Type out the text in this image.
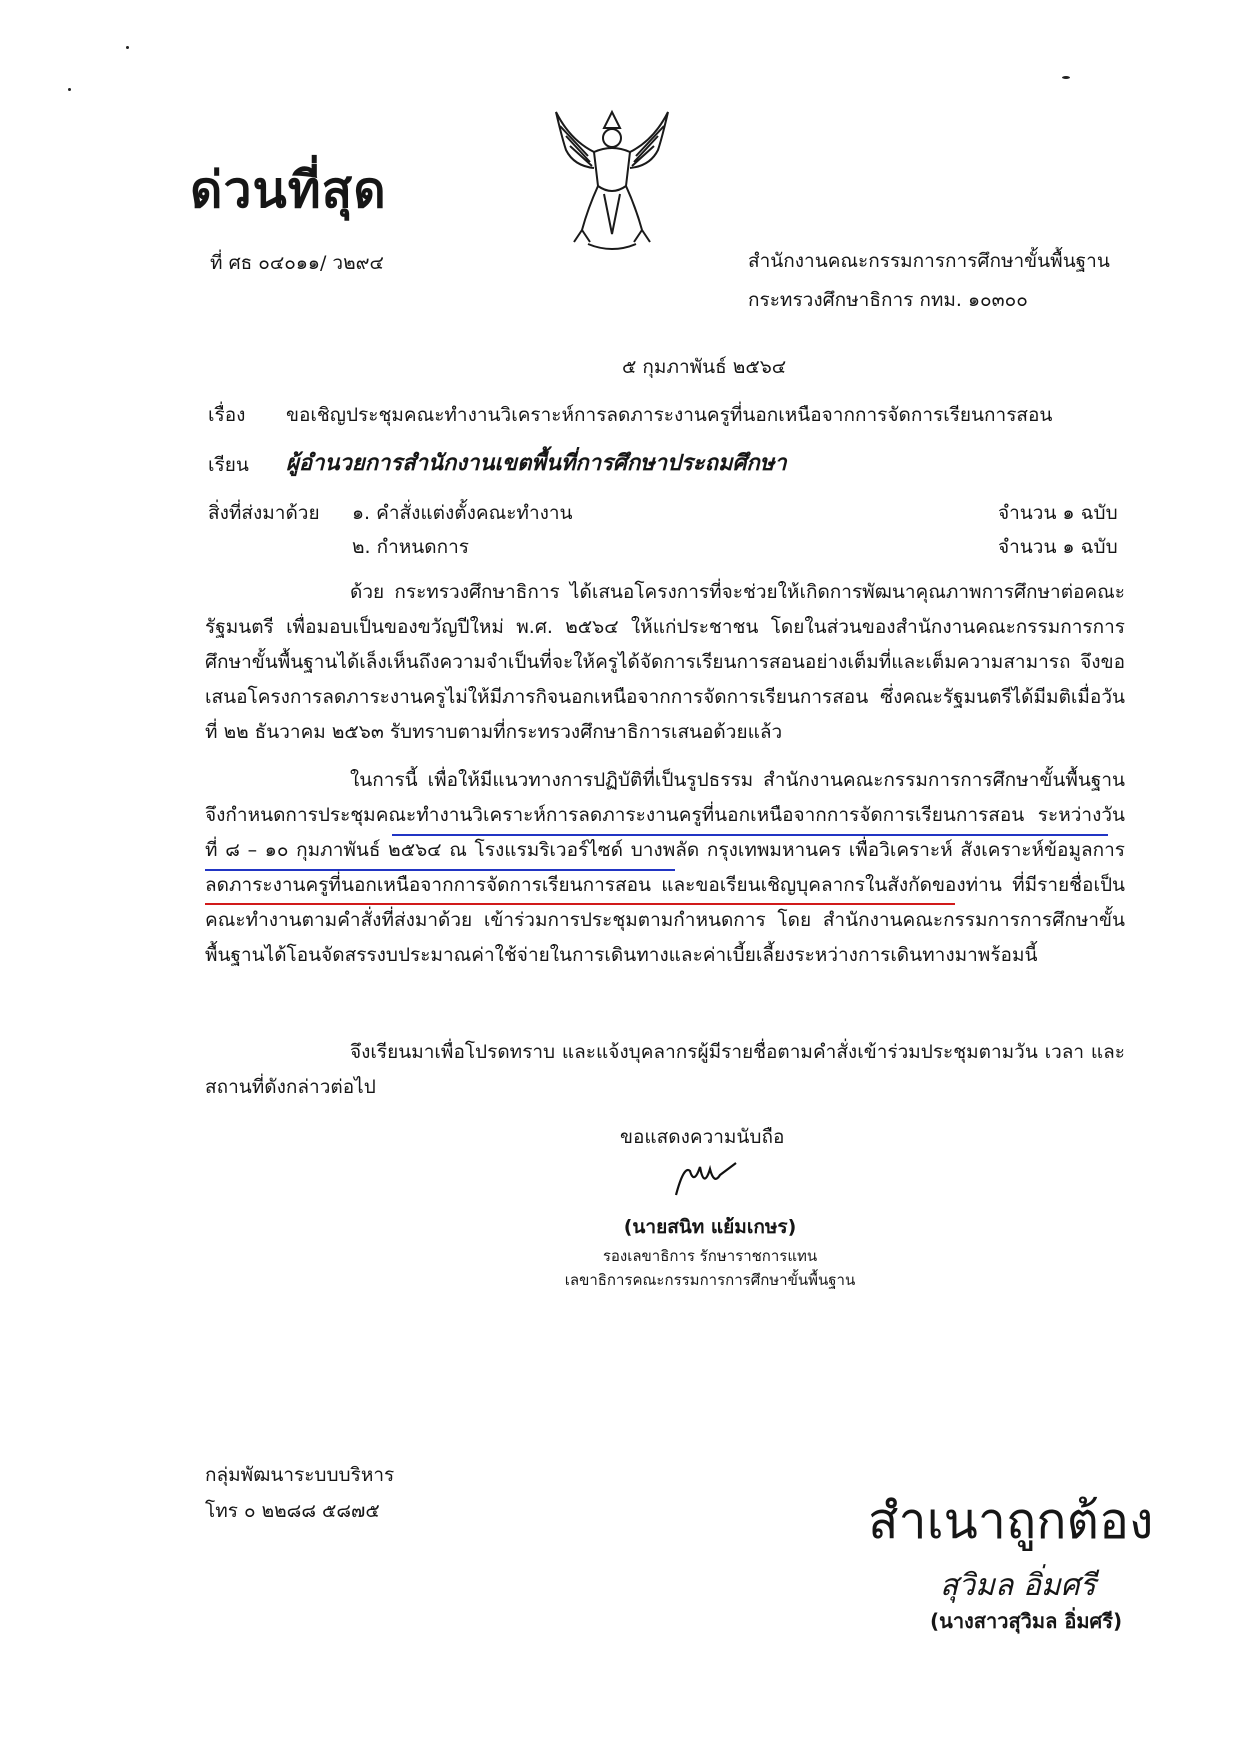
ด่วนที่สุด
ที่ ศธ ๐๔๐๑๑/ ว๒๙๔	สำนักงานคณะกรรมการการศึกษาขั้นพื้นฐาน
กระทรวงศึกษาธิการ กทม. ๑๐๓๐๐
๕ กุมภาพันธ์ ๒๕๖๔
เรื่อง ขอเชิญประชุมคณะทำงานวิเคราะห์การลดภาระงานครูที่นอกเหนือจากการจัดการเรียนการสอน
เรียน ผู้อำนวยการสำนักงานเขตพื้นที่การศึกษาประถมศึกษา
สิ่งที่ส่งมาด้วย ๑. คำสั่งแต่งตั้งคณะทำงาน	จำนวน ๑ ฉบับ
๒. กำหนดการ	จำนวน ๑ ฉบับ
ด้วย กระทรวงศึกษาธิการ ได้เสนอโครงการที่จะช่วยให้เกิดการพัฒนาคุณภาพการศึกษาต่อคณะรัฐมนตรี เพื่อมอบเป็นของขวัญปีใหม่ พ.ศ. ๒๕๖๔ ให้แก่ประชาชน โดยในส่วนของสำนักงานคณะกรรมการการศึกษาขั้นพื้นฐานได้เล็งเห็นถึงความจำเป็นที่จะให้ครูได้จัดการเรียนการสอนอย่างเต็มที่และเต็มความสามารถ จึงขอเสนอโครงการลดภาระงานครูไม่ให้มีภารกิจนอกเหนือจากการจัดการเรียนการสอน ซึ่งคณะรัฐมนตรีได้มีมติเมื่อวันที่ ๒๒ ธันวาคม ๒๕๖๓ รับทราบตามที่กระทรวงศึกษาธิการเสนอด้วยแล้ว
ในการนี้ เพื่อให้มีแนวทางการปฏิบัติที่เป็นรูปธรรม สำนักงานคณะกรรมการการศึกษาขั้นพื้นฐานจึงกำหนดการประชุมคณะทำงานวิเคราะห์การลดภาระงานครูที่นอกเหนือจากการจัดการเรียนการสอน ระหว่างวันที่ ๘ – ๑๐ กุมภาพันธ์ ๒๕๖๔ ณ โรงแรมริเวอร์ไซด์ บางพลัด กรุงเทพมหานคร เพื่อวิเคราะห์ สังเคราะห์ข้อมูลการลดภาระงานครูที่นอกเหนือจากการจัดการเรียนการสอน และขอเรียนเชิญบุคลากรในสังกัดของท่าน ที่มีรายชื่อเป็นคณะทำงานตามคำสั่งที่ส่งมาด้วย เข้าร่วมการประชุมตามกำหนดการ โดย สำนักงานคณะกรรมการการศึกษาขั้นพื้นฐานได้โอนจัดสรรงบประมาณค่าใช้จ่ายในการเดินทางและค่าเบี้ยเลี้ยงระหว่างการเดินทางมาพร้อมนี้
จึงเรียนมาเพื่อโปรดทราบ และแจ้งบุคลากรผู้มีรายชื่อตามคำสั่งเข้าร่วมประชุมตามวัน เวลา และสถานที่ดังกล่าวต่อไป
ขอแสดงความนับถือ
(นายสนิท แย้มเกษร)
รองเลขาธิการ รักษาราชการแทน
เลขาธิการคณะกรรมการการศึกษาขั้นพื้นฐาน
กลุ่มพัฒนาระบบบริหาร
โทร ๐ ๒๒๘๘ ๕๘๗๕	สำเนาถูกต้อง
สุวิมล อิ่มศรี
(นางสาวสุวิมล อิ่มศรี)
